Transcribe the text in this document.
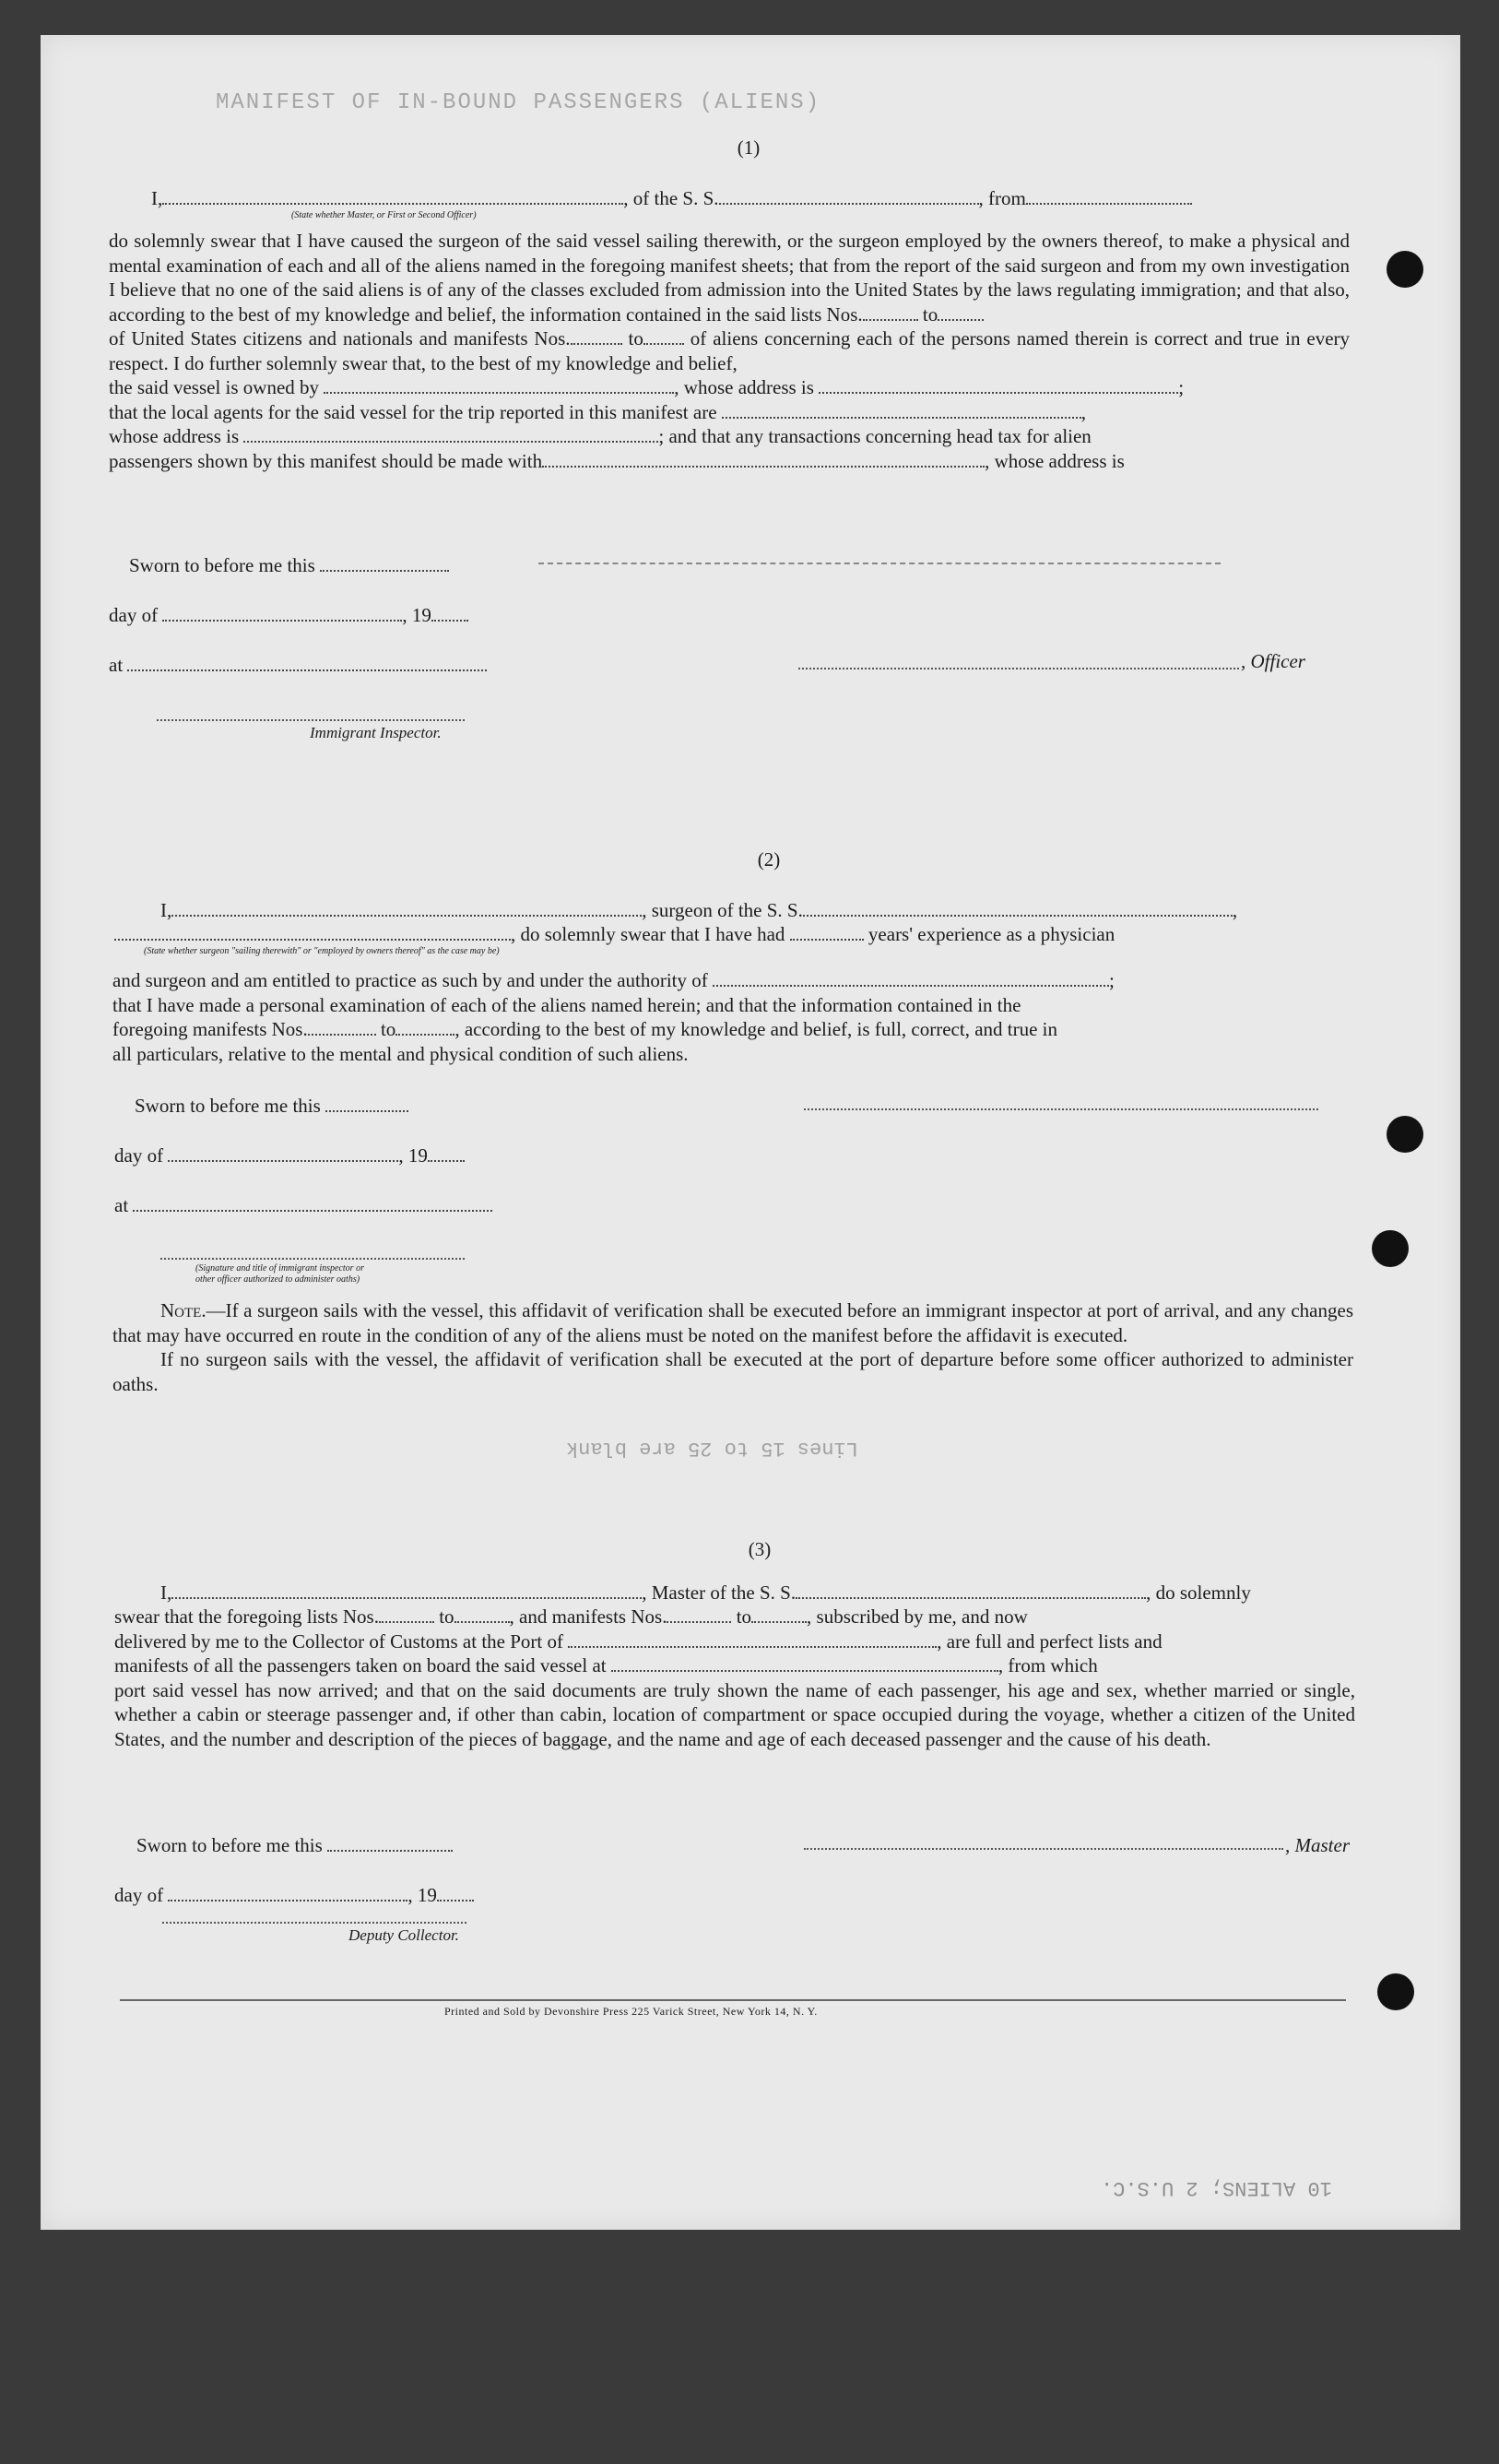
MANIFEST OF IN-BOUND PASSENGERS (ALIENS)
Lines 15 to 25 are blank
10 ALIENS; 2 U.S.C.
(1)
I,	, of the S. S.	, from
(State whether Master, or First or Second Officer)

do solemnly swear that I have caused the surgeon of the said vessel sailing therewith, or the surgeon employed by the owners thereof, to make a physical and mental examination of each and all of the aliens named in the foregoing manifest sheets; that from the report of the said surgeon and from my own investigation I believe that no one of the said aliens is of any of the classes excluded from admission into the United States by the laws regulating immigration; and that also, according to the best of my knowledge and belief, the information contained in the said lists Nos.	to

of United States citizens and nationals and manifests Nos.	to of aliens concerning each of the persons named therein is correct and true in every respect. I do further solemnly swear that, to the best of my knowledge and belief,

the said vessel is owned by	, whose address is	;

that the local agents for the said vessel for the trip reported in this manifest are	,

whose address is	; and that any transactions concerning head tax for alien

passengers shown by this manifest should be made with	, whose address is

Sworn to before me this
day of	, 19
at	, Officer
Immigrant Inspector.
(2)
I,	, surgeon of the S. S.	,
, do solemnly swear that I have had	years' experience as a physician
(State whether surgeon "sailing therewith" or "employed by owners thereof" as the case may be)

and surgeon and am entitled to practice as such by and under the authority of	;

that I have made a personal examination of each of the aliens named herein; and that the information contained in the

foregoing manifests Nos.	to	, according to the best of my knowledge and belief, is full, correct, and true in

all particulars, relative to the mental and physical condition of such aliens.

Sworn to before me this
day of	, 19
at
(Signature and title of immigrant inspector or
other officer authorized to administer oaths)

Note.—If a surgeon sails with the vessel, this affidavit of verification shall be executed before an immigrant inspector at port of arrival, and any changes that may have occurred en route in the condition of any of the aliens must be noted on the manifest before the affidavit is executed.

If no surgeon sails with the vessel, the affidavit of verification shall be executed at the port of departure before some officer authorized to administer oaths.

(3)
I,	, Master of the S. S.	, do solemnly

swear that the foregoing lists Nos.	to	, and manifests Nos.	to	, subscribed by me, and now

delivered by me to the Collector of Customs at the Port of	, are full and perfect lists and

manifests of all the passengers taken on board the said vessel at	, from which

port said vessel has now arrived; and that on the said documents are truly shown the name of each passenger, his age and sex, whether married or single, whether a cabin or steerage passenger and, if other than cabin, location of compartment or space occupied during the voyage, whether a citizen of the United States, and the number and description of the pieces of baggage, and the name and age of each deceased passenger and the cause of his death.

Sworn to before me this	, Master
day of	, 19
Deputy Collector.
Printed and Sold by Devonshire Press 225 Varick Street, New York 14, N. Y.
